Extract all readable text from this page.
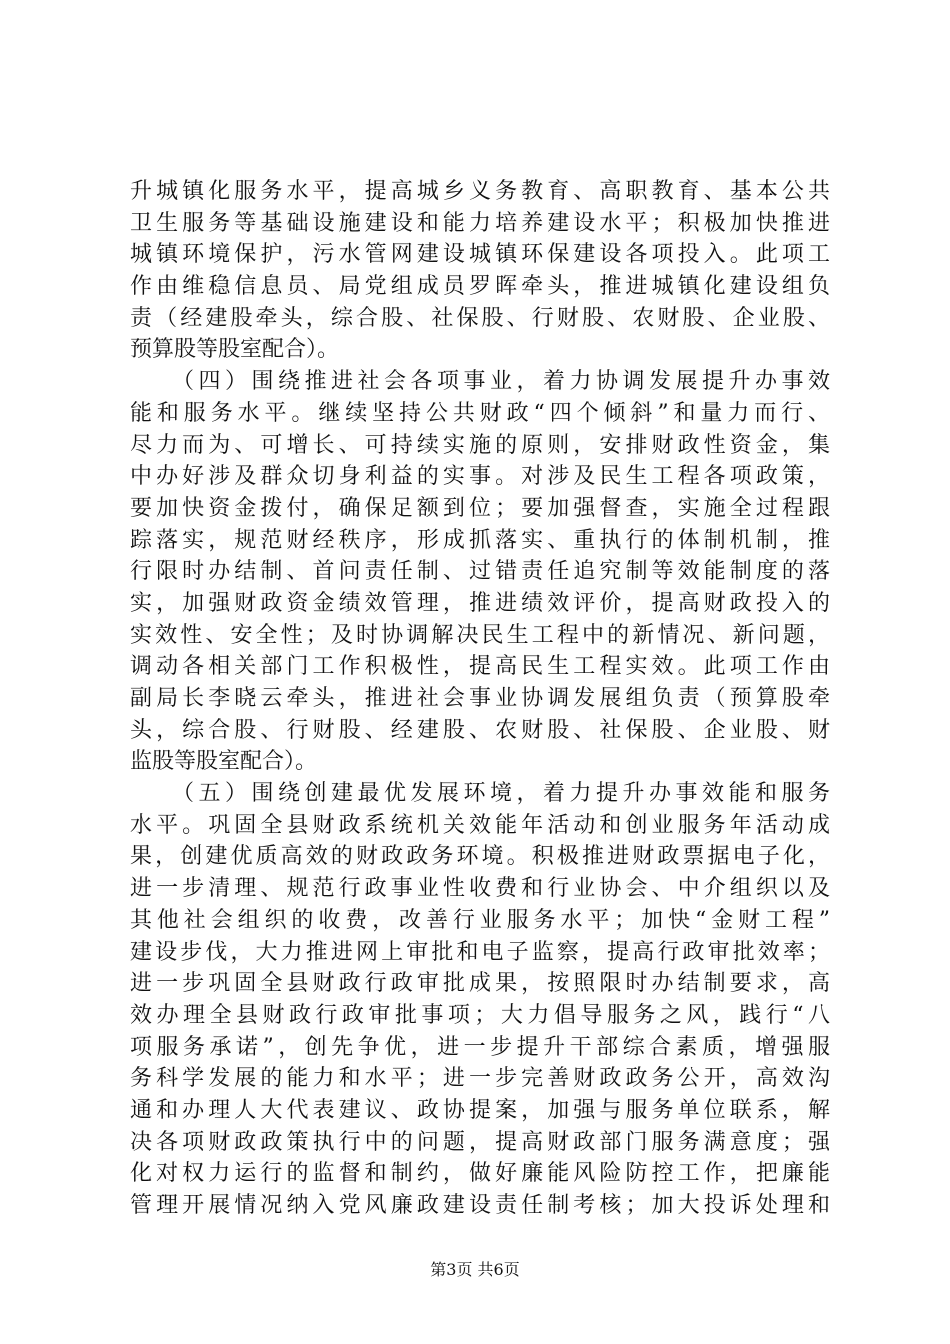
升城镇化服务水平，提高城乡义务教育、高职教育、基本公共
卫生服务等基础设施建设和能力培养建设水平；积极加快推进
城镇环境保护，污水管网建设城镇环保建设各项投入。此项工
作由维稳信息员、局党组成员罗晖牵头，推进城镇化建设组负
责（经建股牵头，综合股、社保股、行财股、农财股、企业股、
预算股等股室配合）。
　　（四）围绕推进社会各项事业，着力协调发展提升办事效
能和服务水平。继续坚持公共财政“四个倾斜”和量力而行、
尽力而为、可增长、可持续实施的原则，安排财政性资金，集
中办好涉及群众切身利益的实事。对涉及民生工程各项政策，
要加快资金拨付，确保足额到位；要加强督查，实施全过程跟
踪落实，规范财经秩序，形成抓落实、重执行的体制机制，推
行限时办结制、首问责任制、过错责任追究制等效能制度的落
实，加强财政资金绩效管理，推进绩效评价，提高财政投入的
实效性、安全性；及时协调解决民生工程中的新情况、新问题，
调动各相关部门工作积极性，提高民生工程实效。此项工作由
副局长李晓云牵头，推进社会事业协调发展组负责（预算股牵
头，综合股、行财股、经建股、农财股、社保股、企业股、财
监股等股室配合）。
　　（五）围绕创建最优发展环境，着力提升办事效能和服务
水平。巩固全县财政系统机关效能年活动和创业服务年活动成
果，创建优质高效的财政政务环境。积极推进财政票据电子化，
进一步清理、规范行政事业性收费和行业协会、中介组织以及
其他社会组织的收费，改善行业服务水平；加快“金财工程”
建设步伐，大力推进网上审批和电子监察，提高行政审批效率；
进一步巩固全县财政行政审批成果，按照限时办结制要求，高
效办理全县财政行政审批事项；大力倡导服务之风，践行“八
项服务承诺”，创先争优，进一步提升干部综合素质，增强服
务科学发展的能力和水平；进一步完善财政政务公开，高效沟
通和办理人大代表建议、政协提案，加强与服务单位联系，解
决各项财政政策执行中的问题，提高财政部门服务满意度；强
化对权力运行的监督和制约，做好廉能风险防控工作，把廉能
管理开展情况纳入党风廉政建设责任制考核；加大投诉处理和
第3页 共6页
